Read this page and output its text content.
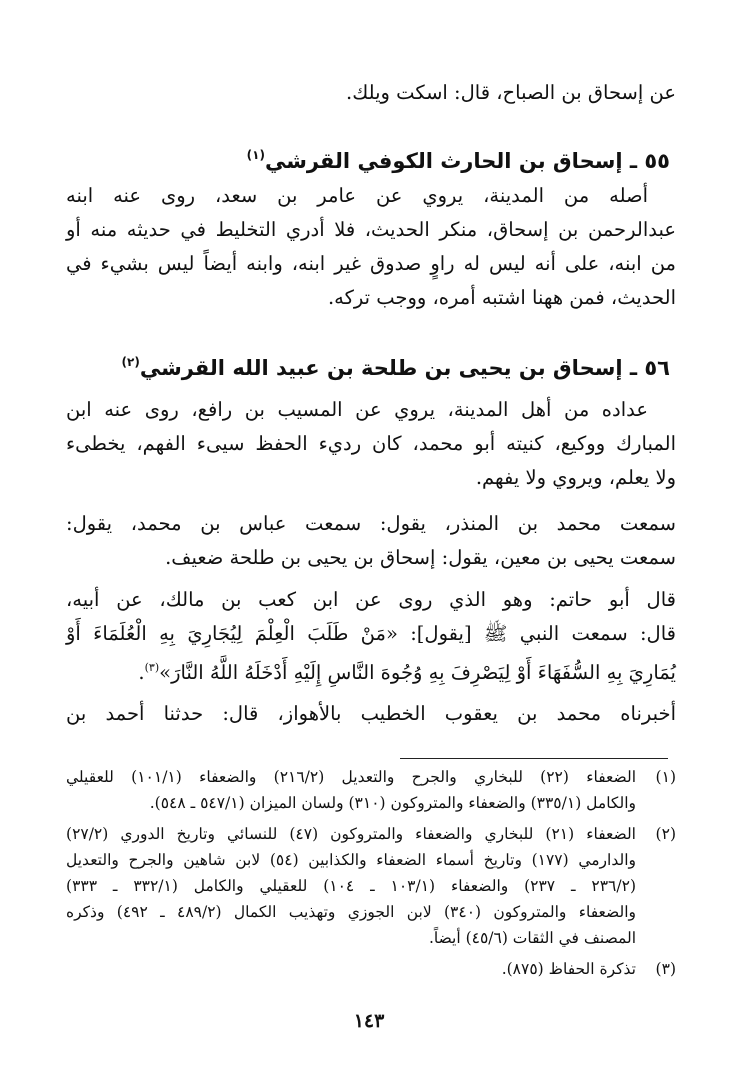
عن إسحاق بن الصباح، قال: اسكت ويلك.
٥٥ ـ إسحاق بن الحارث الكوفي القرشي$^{(١)}$
أصله من المدينة، يروي عن عامر بن سعد، روى عنه ابنه
عبدالرحمن بن إسحاق، منكر الحديث، فلا أدري التخليط في حديثه منه أو
من ابنه، على أنه ليس له راوٍ صدوق غير ابنه، وابنه أيضاً ليس بشيء في
الحديث، فمن ههنا اشتبه أمره، ووجب تركه.
٥٦ ـ إسحاق بن يحيى بن طلحة بن عبيد الله القرشي$^{(٢)}$
عداده من أهل المدينة، يروي عن المسيب بن رافع، روى عنه ابن
المبارك ووكيع، كنيته أبو محمد، كان رديء الحفظ سيىء الفهم، يخطىء
ولا يعلم، ويروي ولا يفهم.
سمعت محمد بن المنذر، يقول: سمعت عباس بن محمد، يقول:
سمعت يحيى بن معين، يقول: إسحاق بن يحيى بن طلحة ضعيف.
قال أبو حاتم: وهو الذي روى عن ابن كعب بن مالك، عن أبيه،
قال: سمعت النبي ﷺ [يقول]: «مَنْ طَلَبَ الْعِلْمَ لِيُجَارِيَ بِهِ الْعُلَمَاءَ أَوْ
يُمَارِيَ بِهِ السُّفَهَاءَ أَوْ لِيَصْرِفَ بِهِ وُجُوهَ النَّاسِ إِلَيْهِ أَدْخَلَهُ اللَّهُ النَّارَ»$^{(٣)}$.
أخبرناه محمد بن يعقوب الخطيب بالأهواز، قال: حدثنا أحمد بن
(١)
الضعفاء (٢٢) للبخاري والجرح والتعديل (٢١٦/٢) والضعفاء (١٠١/١) للعقيلي
والكامل (٣٣٥/١) والضعفاء والمتروكون (٣١٠) ولسان الميزان (٥٤٧/١ ـ ٥٤٨).
(٢)
الضعفاء (٢١) للبخاري والضعفاء والمتروكون (٤٧) للنسائي وتاريخ الدوري (٢٧/٢)
والدارمي (١٧٧) وتاريخ أسماء الضعفاء والكذابين (٥٤) لابن شاهين والجرح والتعديل
(٢٣٦/٢ ـ ٢٣٧) والضعفاء (١٠٣/١ ـ ١٠٤) للعقيلي والكامل (٣٣٢/١ ـ ٣٣٣)
والضعفاء والمتروكون (٣٤٠) لابن الجوزي وتهذيب الكمال (٤٨٩/٢ ـ ٤٩٢) وذكره
المصنف في الثقات (٤٥/٦) أيضاً.
(٣)
تذكرة الحفاظ (٨٧٥).
١٤٣
